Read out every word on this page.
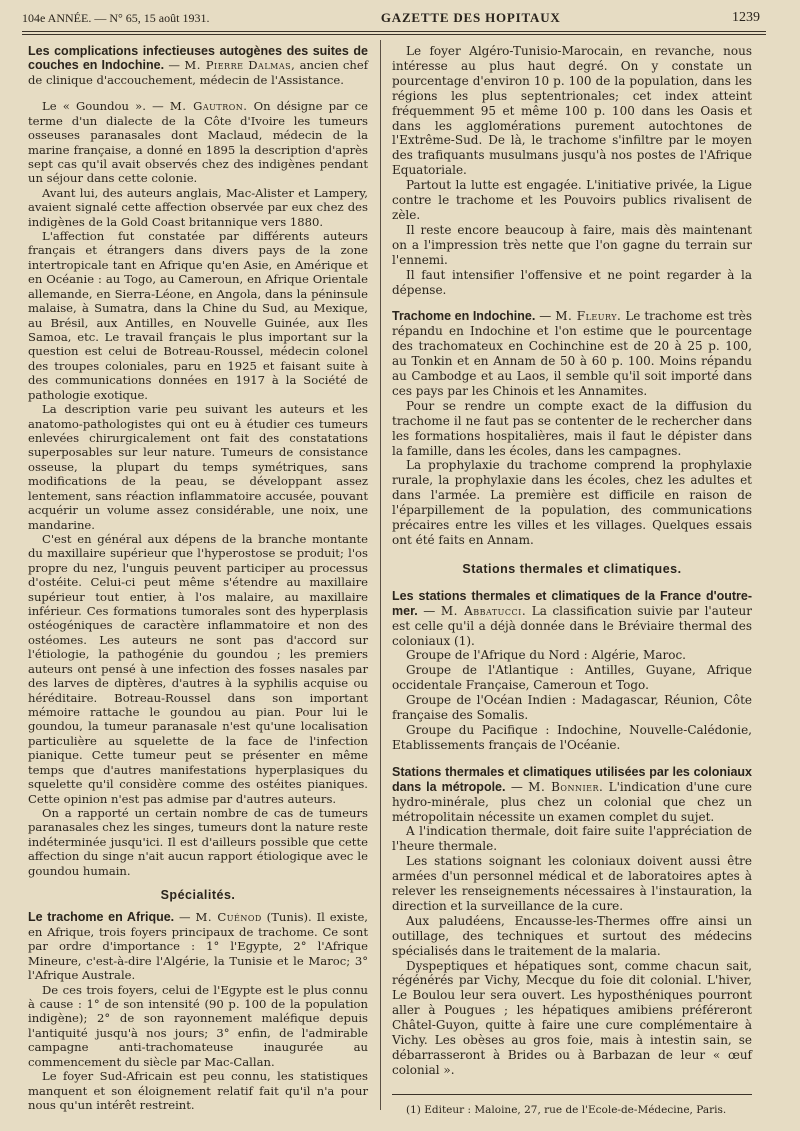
104e ANNÉE. — N° 65, 15 août 1931.	GAZETTE DES HOPITAUX	1239

Les complications infectieuses autogènes des suites de couches en Indochine. — M. Pierre Dalmas, ancien chef de clinique d'accouchement, médecin de l'Assistance.

Le « Goundou ». — M. Gautron. On désigne par ce terme d'un dialecte de la Côte d'Ivoire les tumeurs osseuses paranasales dont Maclaud, médecin de la marine française, a donné en 1895 la description d'après sept cas qu'il avait observés chez des indigènes pendant un séjour dans cette colonie.

Avant lui, des auteurs anglais, Mac-Alister et Lampery, avaient signalé cette affection observée par eux chez des indigènes de la Gold Coast britannique vers 1880.

L'affection fut constatée par différents auteurs français et étrangers dans divers pays de la zone intertropicale tant en Afrique qu'en Asie, en Amérique et en Océanie : au Togo, au Cameroun, en Afrique Orientale allemande, en Sierra-Léone, en Angola, dans la péninsule malaise, à Sumatra, dans la Chine du Sud, au Mexique, au Brésil, aux Antilles, en Nouvelle Guinée, aux Iles Samoa, etc. Le travail français le plus important sur la question est celui de Botreau-Roussel, médecin colonel des troupes coloniales, paru en 1925 et faisant suite à des communications données en 1917 à la Société de pathologie exotique.

La description varie peu suivant les auteurs et les anatomo-pathologistes qui ont eu à étudier ces tumeurs enlevées chirurgicalement ont fait des constatations superposables sur leur nature. Tumeurs de consistance osseuse, la plupart du temps symétriques, sans modifications de la peau, se développant assez lentement, sans réaction inflammatoire accusée, pouvant acquérir un volume assez considérable, une noix, une mandarine.

C'est en général aux dépens de la branche montante du maxillaire supérieur que l'hyperostose se produit; l'os propre du nez, l'unguis peuvent participer au processus d'ostéite. Celui-ci peut même s'étendre au maxillaire supérieur tout entier, à l'os malaire, au maxillaire inférieur. Ces formations tumorales sont des hyperplasis ostéogéniques de caractère inflammatoire et non des ostéomes. Les auteurs ne sont pas d'accord sur l'étiologie, la pathogénie du goundou ; les premiers auteurs ont pensé à une infection des fosses nasales par des larves de diptères, d'autres à la syphilis acquise ou héréditaire. Botreau-Roussel dans son important mémoire rattache le goundou au pian. Pour lui le goundou, la tumeur paranasale n'est qu'une localisation particulière au squelette de la face de l'infection pianique. Cette tumeur peut se présenter en même temps que d'autres manifestations hyperplasiques du squelette qu'il considère comme des ostéites pianiques. Cette opinion n'est pas admise par d'autres auteurs.

On a rapporté un certain nombre de cas de tumeurs paranasales chez les singes, tumeurs dont la nature reste indéterminée jusqu'ici. Il est d'ailleurs possible que cette affection du singe n'ait aucun rapport étiologique avec le goundou humain.

Spécialités.

Le trachome en Afrique. — M. Cuénod (Tunis). Il existe, en Afrique, trois foyers principaux de trachome. Ce sont par ordre d'importance : 1° l'Egypte, 2° l'Afrique Mineure, c'est-à-dire l'Algérie, la Tunisie et le Maroc; 3° l'Afrique Australe.

De ces trois foyers, celui de l'Egypte est le plus connu à cause : 1° de son intensité (90 p. 100 de la population indigène); 2° de son rayonnement maléfique depuis l'antiquité jusqu'à nos jours; 3° enfin, de l'admirable campagne anti-trachomateuse inaugurée au commencement du siècle par Mac-Callan.

Le foyer Sud-Africain est peu connu, les statistiques manquent et son éloignement relatif fait qu'il n'a pour nous qu'un intérêt restreint.

Le foyer Algéro-Tunisio-Marocain, en revanche, nous intéresse au plus haut degré. On y constate un pourcentage d'environ 10 p. 100 de la population, dans les régions les plus septentrionales; cet index atteint fréquemment 95 et même 100 p. 100 dans les Oasis et dans les agglomérations purement autochtones de l'Extrême-Sud. De là, le trachome s'infiltre par le moyen des trafiquants musulmans jusqu'à nos postes de l'Afrique Equatoriale.

Partout la lutte est engagée. L'initiative privée, la Ligue contre le trachome et les Pouvoirs publics rivalisent de zèle.

Il reste encore beaucoup à faire, mais dès maintenant on a l'impression très nette que l'on gagne du terrain sur l'ennemi.

Il faut intensifier l'offensive et ne point regarder à la dépense.

Trachome en Indochine. — M. Fleury. Le trachome est très répandu en Indochine et l'on estime que le pourcentage des trachomateux en Cochinchine est de 20 à 25 p. 100, au Tonkin et en Annam de 50 à 60 p. 100. Moins répandu au Cambodge et au Laos, il semble qu'il soit importé dans ces pays par les Chinois et les Annamites.

Pour se rendre un compte exact de la diffusion du trachome il ne faut pas se contenter de le rechercher dans les formations hospitalières, mais il faut le dépister dans la famille, dans les écoles, dans les campagnes.

La prophylaxie du trachome comprend la prophylaxie rurale, la prophylaxie dans les écoles, chez les adultes et dans l'armée. La première est difficile en raison de l'éparpillement de la population, des communications précaires entre les villes et les villages. Quelques essais ont été faits en Annam.

Stations thermales et climatiques.

Les stations thermales et climatiques de la France d'outre-mer. — M. Abbatucci. La classification suivie par l'auteur est celle qu'il a déjà donnée dans le Bréviaire thermal des coloniaux (1).

Groupe de l'Afrique du Nord : Algérie, Maroc.

Groupe de l'Atlantique : Antilles, Guyane, Afrique occidentale Française, Cameroun et Togo.

Groupe de l'Océan Indien : Madagascar, Réunion, Côte française des Somalis.

Groupe du Pacifique : Indochine, Nouvelle-Calédonie, Etablissements français de l'Océanie.

Stations thermales et climatiques utilisées par les coloniaux dans la métropole. — M. Bonnier. L'indication d'une cure hydro-minérale, plus chez un colonial que chez un métropolitain nécessite un examen complet du sujet.

A l'indication thermale, doit faire suite l'appréciation de l'heure thermale.

Les stations soignant les coloniaux doivent aussi être armées d'un personnel médical et de laboratoires aptes à relever les renseignements nécessaires à l'instauration, la direction et la surveillance de la cure.

Aux paludéens, Encausse-les-Thermes offre ainsi un outillage, des techniques et surtout des médecins spécialisés dans le traitement de la malaria.

Dyspeptiques et hépatiques sont, comme chacun sait, régénérés par Vichy, Mecque du foie dit colonial. L'hiver, Le Boulou leur sera ouvert. Les hyposthéniques pourront aller à Pougues ; les hépatiques amibiens préféreront Châtel-Guyon, quitte à faire une cure complémentaire à Vichy. Les obèses au gros foie, mais à intestin sain, se débarrasseront à Brides ou à Barbazan de leur « œuf colonial ».

(1) Editeur : Maloine, 27, rue de l'Ecole-de-Médecine, Paris.
